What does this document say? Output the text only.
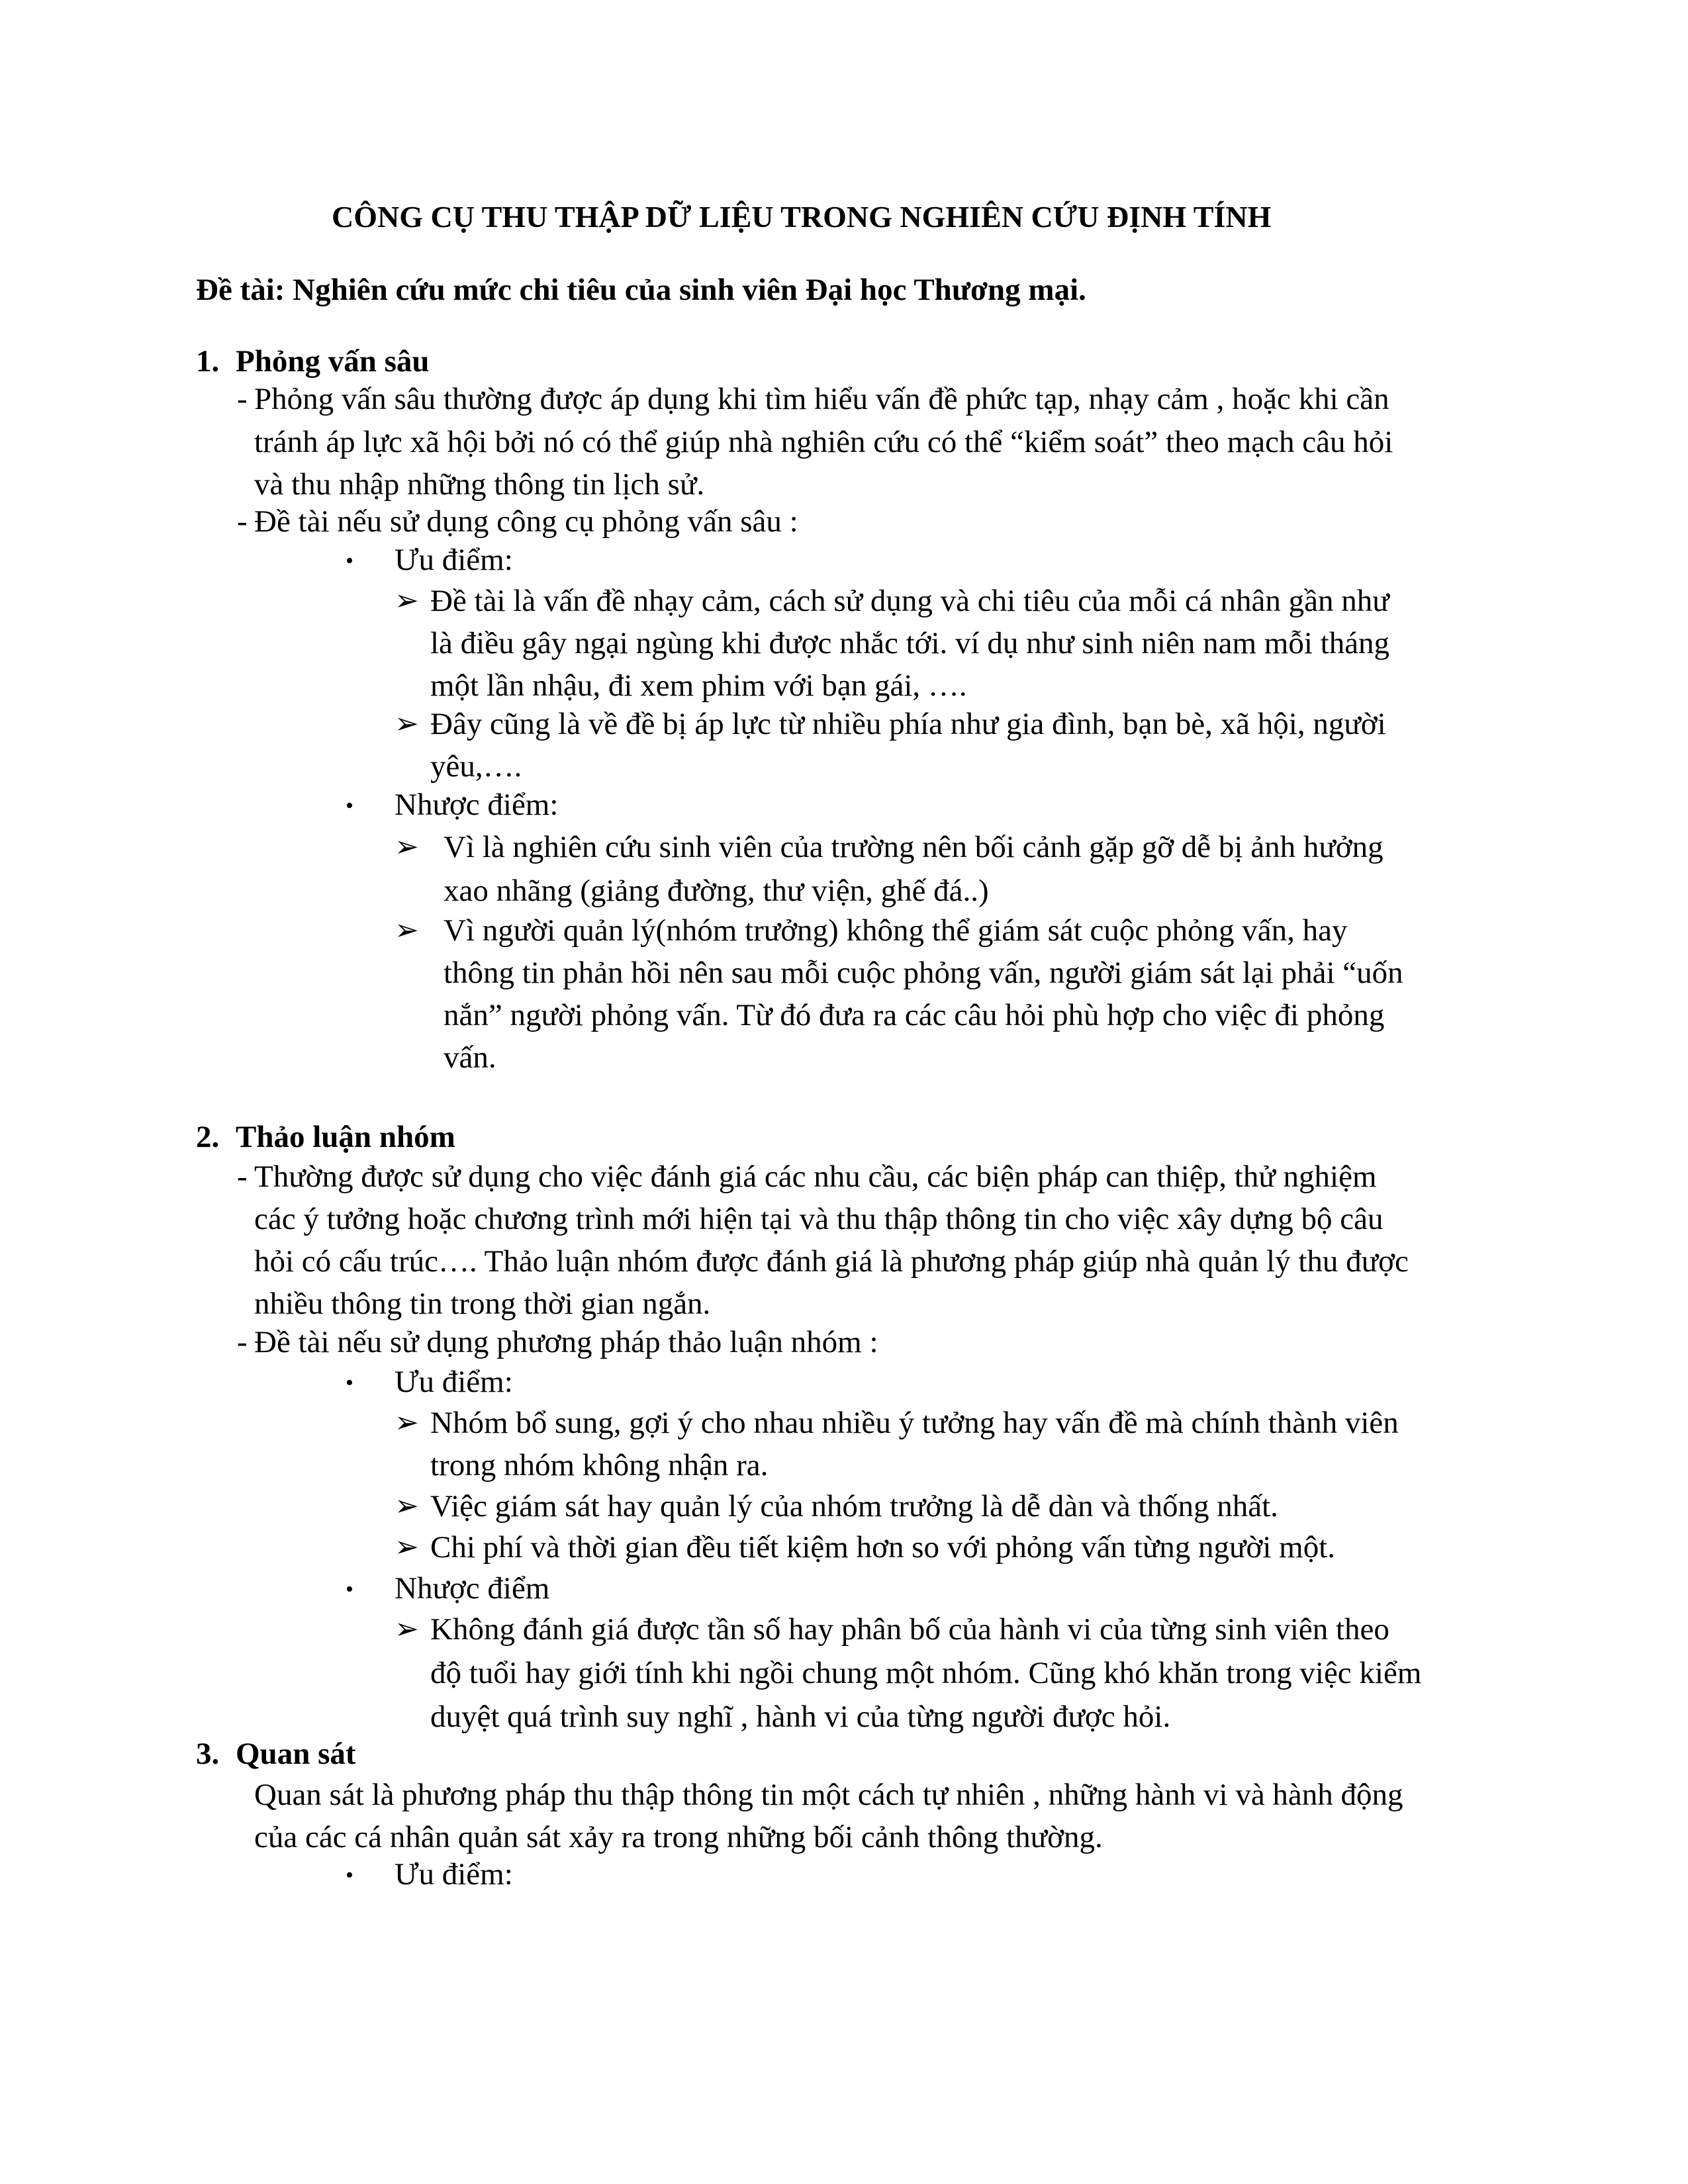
CÔNG CỤ THU THẬP DỮ LIỆU TRONG NGHIÊN CỨU ĐỊNH TÍNH
Đề tài: Nghiên cứu mức chi tiêu của sinh viên Đại học Thương mại.
1. Phỏng vấn sâu
- Phỏng vấn sâu thường được áp dụng khi tìm hiểu vấn đề phức tạp, nhạy cảm , hoặc khi cần
tránh áp lực xã hội bởi nó có thể giúp nhà nghiên cứu có thể “kiểm soát” theo mạch câu hỏi
và thu nhập những thông tin lịch sử.
- Đề tài nếu sử dụng công cụ phỏng vấn sâu :
• Ưu điểm:
➢ Đề tài là vấn đề nhạy cảm, cách sử dụng và chi tiêu của mỗi cá nhân gần như
là điều gây ngại ngùng khi được nhắc tới. ví dụ như sinh niên nam mỗi tháng
một lần nhậu, đi xem phim với bạn gái, ….
➢ Đây cũng là về đề bị áp lực từ nhiều phía như gia đình, bạn bè, xã hội, người
yêu,….
• Nhược điểm:
➢ Vì là nghiên cứu sinh viên của trường nên bối cảnh gặp gỡ dễ bị ảnh hưởng
xao nhãng (giảng đường, thư viện, ghế đá..)
➢ Vì người quản lý(nhóm trưởng) không thể giám sát cuộc phỏng vấn, hay
thông tin phản hồi nên sau mỗi cuộc phỏng vấn, người giám sát lại phải “uốn
nắn” người phỏng vấn. Từ đó đưa ra các câu hỏi phù hợp cho việc đi phỏng
vấn.
2. Thảo luận nhóm
- Thường được sử dụng cho việc đánh giá các nhu cầu, các biện pháp can thiệp, thử nghiệm
các ý tưởng hoặc chương trình mới hiện tại và thu thập thông tin cho việc xây dựng bộ câu
hỏi có cấu trúc…. Thảo luận nhóm được đánh giá là phương pháp giúp nhà quản lý thu được
nhiều thông tin trong thời gian ngắn.
- Đề tài nếu sử dụng phương pháp thảo luận nhóm :
• Ưu điểm:
➢ Nhóm bổ sung, gợi ý cho nhau nhiều ý tưởng hay vấn đề mà chính thành viên
trong nhóm không nhận ra.
➢ Việc giám sát hay quản lý của nhóm trưởng là dễ dàn và thống nhất.
➢ Chi phí và thời gian đều tiết kiệm hơn so với phỏng vấn từng người một.
• Nhược điểm
➢ Không đánh giá được tần số hay phân bố của hành vi của từng sinh viên theo
độ tuổi hay giới tính khi ngồi chung một nhóm. Cũng khó khăn trong việc kiểm
duyệt quá trình suy nghĩ , hành vi của từng người được hỏi.
3. Quan sát
Quan sát là phương pháp thu thập thông tin một cách tự nhiên , những hành vi và hành động
của các cá nhân quản sát xảy ra trong những bối cảnh thông thường.
• Ưu điểm:
